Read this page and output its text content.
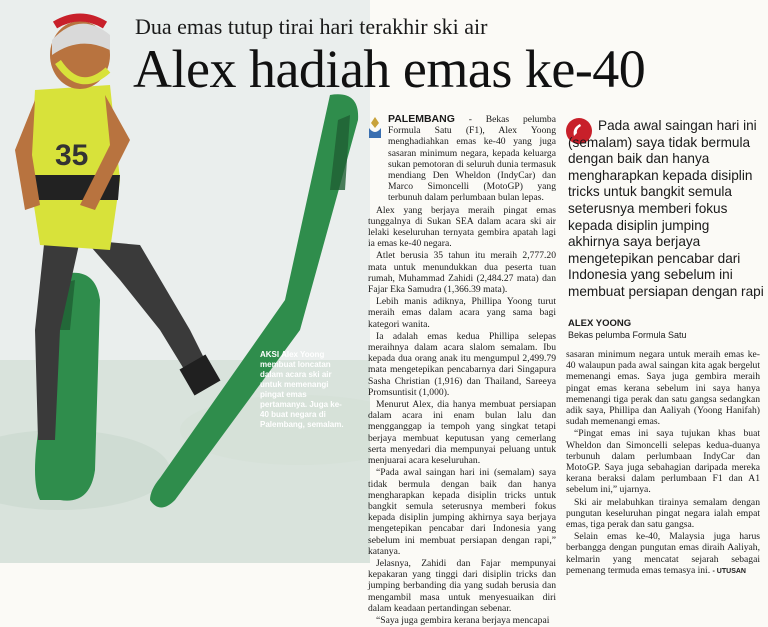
35
AKSI Alex Yoong membuat loncatan dalam acara ski air untuk memenangi pingat emas pertamanya. Juga ke-40 buat negara di Palembang, semalam.
Dua emas tutup tirai hari terakhir ski air
Alex hadiah emas ke-40

PALEMBANG - Bekas pelumba Formula Satu (F1), Alex Yoong menghadiahkan emas ke-40 yang juga sasaran minimum negara, kepada keluarga sukan pemotoran di seluruh dunia termasuk mendiang Den Wheldon (IndyCar) dan Marco Simoncelli (MotoGP) yang terbunuh dalam perlumbaan bulan lepas.

Alex yang berjaya meraih pingat emas tunggalnya di Sukan SEA dalam acara ski air lelaki keseluruhan ternyata gembira apatah lagi ia emas ke-40 negara.

Atlet berusia 35 tahun itu meraih 2,777.20 mata untuk menundukkan dua peserta tuan rumah, Muhammad Zahidi (2,484.27 mata) dan Fajar Eka Samudra (1,366.39 mata).

Lebih manis adiknya, Phillipa Yoong turut meraih emas dalam acara yang sama bagi kategori wanita.

Ia adalah emas kedua Phillipa selepas meraihnya dalam acara slalom semalam. Ibu kepada dua orang anak itu mengumpul 2,499.79 mata mengetepikan pencabarnya dari Singapura Sasha Christian (1,916) dan Thailand, Sareeya Promsuntisit (1,000).

Menurut Alex, dia hanya membuat persiapan dalam acara ini enam bulan lalu dan mengganggap ia tempoh yang singkat tetapi berjaya membuat keputusan yang cemerlang serta menyedari dia mempunyai peluang untuk menjuarai acara keseluruhan.

“Pada awal saingan hari ini (semalam) saya tidak bermula dengan baik dan hanya mengharapkan kepada disiplin tricks untuk bangkit semula seterusnya memberi fokus kepada disiplin jumping akhirnya saya berjaya mengetepikan pencabar dari Indonesia yang sebelum ini membuat persiapan dengan rapi,” katanya.

Jelasnya, Zahidi dan Fajar mempunyai kepakaran yang tinggi dari disiplin tricks dan jumping berbanding dia yang sudah berusia dan mengambil masa untuk menyesuaikan diri dalam keadaan pertandingan sebenar.

“Saya juga gembira kerana berjaya mencapai

Pada awal saingan hari ini (semalam) saya tidak bermula dengan baik dan hanya mengharapkan kepada disiplin tricks untuk bangkit semula seterusnya memberi fokus kepada disiplin jumping akhirnya saya berjaya mengetepikan pencabar dari Indonesia yang sebelum ini membuat persiapan dengan rapi
ALEX YOONG
Bekas pelumba Formula Satu

sasaran minimum negara untuk meraih emas ke-40 walaupun pada awal saingan kita agak bergelut memenangi emas. Saya juga gembira meraih pingat emas kerana sebelum ini saya hanya memenangi tiga perak dan satu gangsa sedangkan adik saya, Phillipa dan Aaliyah (Yoong Hanifah) sudah memenangi emas.

“Pingat emas ini saya tujukan khas buat Wheldon dan Simoncelli selepas kedua-duanya terbunuh dalam perlumbaan IndyCar dan MotoGP. Saya juga sebahagian daripada mereka kerana beraksi dalam perlumbaan F1 dan A1 sebelum ini,” ujarnya.

Ski air melabuhkan tirainya semalam dengan pungutan keseluruhan pingat negara ialah empat emas, tiga perak dan satu gangsa.

Selain emas ke-40, Malaysia juga harus berbangga dengan pungutan emas diraih Aaliyah, kelmarin yang mencatat sejarah sebagai pemenang termuda emas temasya ini. - UTUSAN
